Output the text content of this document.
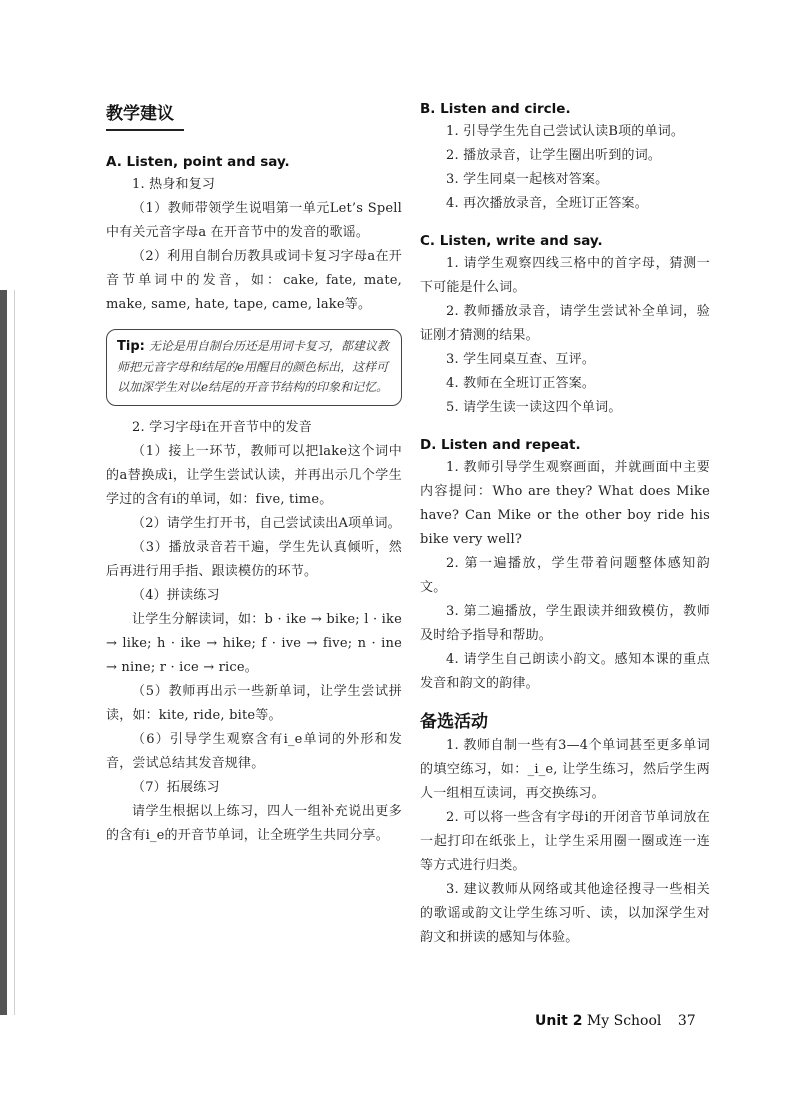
教学建议
A. Listen, point and say.

1. 热身和复习

（1）教师带领学生说唱第一单元Let’s Spell中有关元音字母a 在开音节中的发音的歌谣。

（2）利用自制台历教具或词卡复习字母a在开音节单词中的发音，如：cake, fate, mate, make, same, hate, tape, came, lake等。

Tip: 无论是用自制台历还是用词卡复习，都建议教师把元音字母和结尾的e用醒目的颜色标出，这样可以加深学生对以e结尾的开音节结构的印象和记忆。

2. 学习字母i在开音节中的发音

（1）接上一环节，教师可以把lake这个词中的a替换成i，让学生尝试认读，并再出示几个学生学过的含有i的单词，如：five, time。

（2）请学生打开书，自己尝试读出A项单词。

（3）播放录音若干遍，学生先认真倾听，然后再进行用手指、跟读模仿的环节。

（4）拼读练习

让学生分解读词，如：b · ike → bike; l · ike → like; h · ike → hike; f · ive → five; n · ine → nine; r · ice → rice。

（5）教师再出示一些新单词，让学生尝试拼读，如：kite, ride, bite等。

（6）引导学生观察含有i_e单词的外形和发音，尝试总结其发音规律。

（7）拓展练习

请学生根据以上练习，四人一组补充说出更多的含有i_e的开音节单词，让全班学生共同分享。

B. Listen and circle.

1. 引导学生先自己尝试认读B项的单词。

2. 播放录音，让学生圈出听到的词。

3. 学生同桌一起核对答案。

4. 再次播放录音，全班订正答案。

C. Listen, write and say.

1. 请学生观察四线三格中的首字母，猜测一下可能是什么词。

2. 教师播放录音，请学生尝试补全单词，验证刚才猜测的结果。

3. 学生同桌互查、互评。

4. 教师在全班订正答案。

5. 请学生读一读这四个单词。

D. Listen and repeat.

1. 教师引导学生观察画面，并就画面中主要内容提问：Who are they? What does Mike have? Can Mike or the other boy ride his bike very well?

2. 第一遍播放，学生带着问题整体感知韵文。

3. 第二遍播放，学生跟读并细致模仿，教师及时给予指导和帮助。

4. 请学生自己朗读小韵文。感知本课的重点发音和韵文的韵律。

备选活动

1. 教师自制一些有3—4个单词甚至更多单词的填空练习，如：_i_e, 让学生练习，然后学生两人一组相互读词，再交换练习。

2. 可以将一些含有字母i的开闭音节单词放在一起打印在纸张上，让学生采用圈一圈或连一连等方式进行归类。

3. 建议教师从网络或其他途径搜寻一些相关的歌谣或韵文让学生练习听、读，以加深学生对韵文和拼读的感知与体验。

Unit 2 My School 37
